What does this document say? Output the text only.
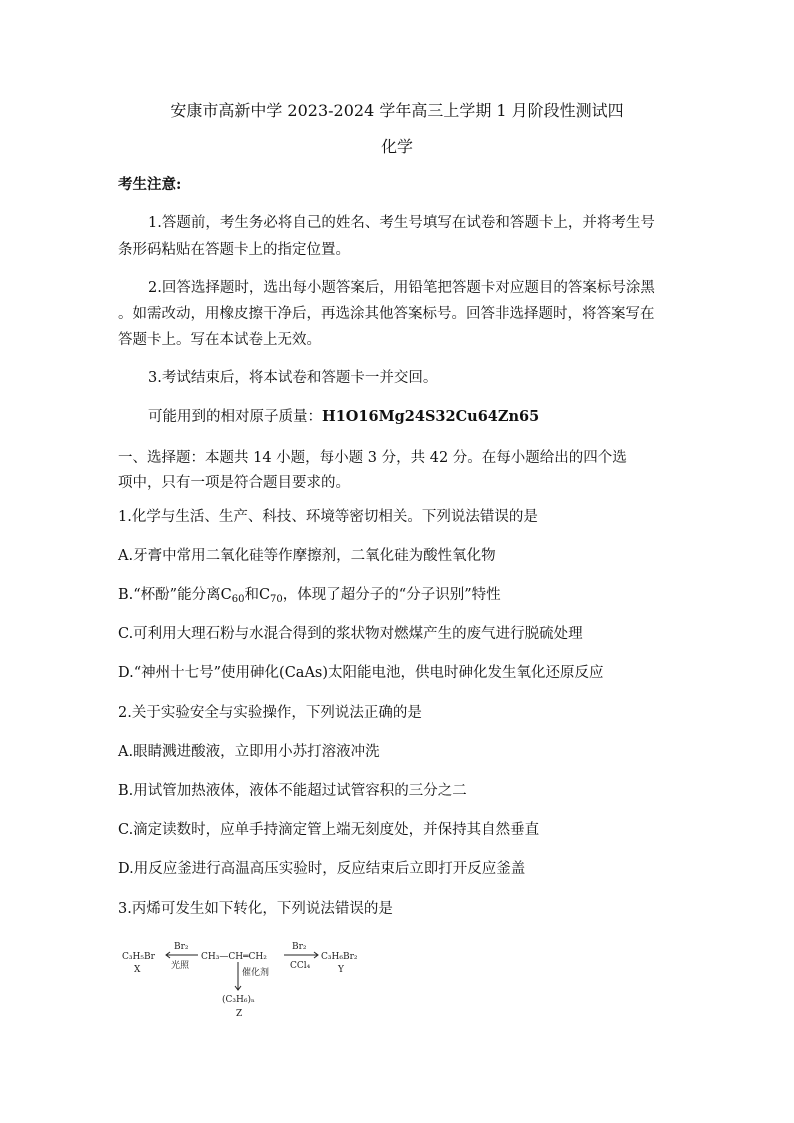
安康市高新中学 2023-2024 学年高三上学期 1 月阶段性测试四
化学
考生注意:
1.答题前，考生务必将自己的姓名、考生号填写在试卷和答题卡上，并将考生号
条形码粘贴在答题卡上的指定位置。
2.回答选择题时，选出每小题答案后，用铅笔把答题卡对应题目的答案标号涂黑
。如需改动，用橡皮擦干净后，再选涂其他答案标号。回答非选择题时，将答案写在
答题卡上。写在本试卷上无效。
3.考试结束后，将本试卷和答题卡一并交回。
可能用到的相对原子质量：H1O16Mg24S32Cu64Zn65
一、选择题：本题共 14 小题，每小题 3 分，共 42 分。在每小题给出的四个选
项中，只有一项是符合题目要求的。
1.化学与生活、生产、科技、环境等密切相关。下列说法错误的是
A.牙膏中常用二氧化硅等作摩擦剂，二氧化硅为酸性氧化物
B.“杯酚”能分离$C_{60}$和$C_{70}$，体现了超分子的“分子识别”特性
C.可利用大理石粉与水混合得到的浆状物对燃煤产生的废气进行脱硫处理
D.“神州十七号”使用砷化(CaAs)太阳能电池，供电时砷化发生氧化还原反应
2.关于实验安全与实验操作，下列说法正确的是
A.眼睛溅进酸液，立即用小苏打溶液冲洗
B.用试管加热液体，液体不能超过试管容积的三分之二
C.滴定读数时，应单手持滴定管上端无刻度处，并保持其自然垂直
D.用反应釜进行高温高压实验时，反应结束后立即打开反应釜盖
3.丙烯可发生如下转化，下列说法错误的是
C₃H₅Br
X
Br₂
光照
CH₃—CH═CH₂
Br₂
CCl₄
C₃H₆Br₂
Y
催化剂
(C₃H₆)ₙ
Z
